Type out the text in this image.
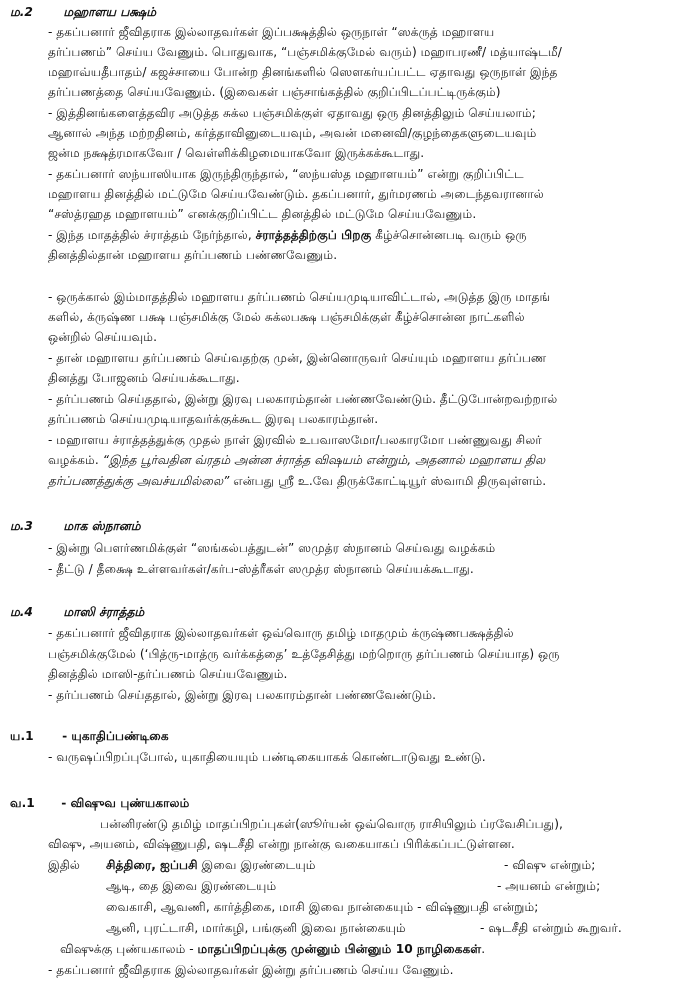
ம.2	மஹாளய பக்ஷம்
- தகப்பனார் ஜீவிதராக இல்லாதவர்கள் இப்பக்ஷத்தில் ஒருநாள் “ஸக்ருத் மஹாளய
தர்ப்பணம்” செய்ய வேணும். பொதுவாக, “பஞ்சமிக்குமேல் வரும்) மஹாபரணீ/ மத்யாஷ்டமீ/
மஹாவ்யதீபாதம்/ கஜச்சாயை போன்ற தினங்களில் ஸௌகர்யப்பட்ட ஏதாவது ஒருநாள் இந்த
தர்ப்பணத்தை செய்யவேணும். (இவைகள் பஞ்சாங்கத்தில் குறிப்பிடப்பட்டிருக்கும்)
- இத்தினங்களைத்தவிர அடுத்த சுக்ல பஞ்சமிக்குள் ஏதாவது ஒரு தினத்திலும் செய்யலாம்;
ஆனால் அந்த மற்றதினம், கர்த்தாவினுடையவும், அவன் மனைவி/குழந்தைகளுடையவும்
ஜன்ம நக்ஷத்ரமாகவோ / வெள்ளிக்கிழமையாகவோ இருக்கக்கூடாது.
- தகப்பனார் ஸந்யாஸியாக இருந்திருந்தால், “ஸந்யஸ்த மஹாளயம்” என்று குறிப்பிட்ட
மஹாளய தினத்தில் மட்டுமே செய்யவேண்டும். தகப்பனார், துர்மரணம் அடைந்தவரானால்
“சஸ்த்ரஹத மஹாளயம்” எனக்குறிப்பிட்ட தினத்தில் மட்டுமே செய்யவேணும்.
- இந்த மாதத்தில் ச்ராத்தம் நேர்ந்தால், ச்ராத்தத்திற்குப் பிறகு கீழ்ச்சொன்னபடி வரும் ஒரு
தினத்தில்தான் மஹாளய தர்ப்பணம் பண்ணவேணும்.
- ஒருக்கால் இம்மாதத்தில் மஹாளய தர்ப்பணம் செய்யமுடியாவிட்டால், அடுத்த இரு மாதங்
களில், க்ருஷ்ண பக்ஷ பஞ்சமிக்கு மேல் சுக்லபக்ஷ பஞ்சமிக்குள் கீழ்ச்சொன்ன நாட்களில்
ஒன்றில் செய்யவும்.
- தான் மஹாளய தர்ப்பணம் செய்வதற்கு முன், இன்னொருவர் செய்யும் மஹாளய தர்ப்பண
தினத்து போஜனம் செய்யக்கூடாது.
- தர்ப்பணம் செய்ததால், இன்று இரவு பலகாரம்தான் பண்ணவேண்டும். தீட்டுபோன்றவற்றால்
தர்ப்பணம் செய்யமுடியாதவர்க்குக்கூட இரவு பலகாரம்தான்.
- மஹாளய ச்ராத்தத்துக்கு முதல் நாள் இரவில் உபவாஸமோ/பலகாரமோ பண்ணுவது சிலர்
வழக்கம். “இந்த பூர்வதின வ்ரதம் அன்ன ச்ராத்த விஷயம் என்றும், அதனால் மஹாளய தில
தர்ப்பணத்துக்கு அவச்யமில்லை” என்பது ஸ்ரீ உ.வே திருக்கோட்டியூர் ஸ்வாமி திருவுள்ளம்.
ம.3	மாக ஸ்நானம்
- இன்று பௌர்ணமிக்குள் “ஸங்கல்பத்துடன்” ஸமுத்ர ஸ்நானம் செய்வது வழக்கம்
- தீட்டு / தீக்ஷை உள்ளவர்கள்/கர்ப-ஸ்த்ரீகள் ஸமுத்ர ஸ்நானம் செய்யக்கூடாது.
ம.4	மாஸி ச்ராத்தம்
- தகப்பனார் ஜீவிதராக இல்லாதவர்கள் ஒவ்வொரு தமிழ் மாதமும் க்ருஷ்ணபக்ஷத்தில்
பஞ்சமிக்குமேல் (‘பித்ரு-மாத்ரு வர்க்கத்தை’ உத்தேசித்து மற்றொரு தர்ப்பணம் செய்யாத) ஒரு
தினத்தில் மாஸி-தர்ப்பணம் செய்யவேணும்.
- தர்ப்பணம் செய்ததால், இன்று இரவு பலகாரம்தான் பண்ணவேண்டும்.
ய.1 - யுகாதிப்பண்டிகை
- வருஷப்பிறப்புபோல், யுகாதியையும் பண்டிகையாகக் கொண்டாடுவது உண்டு.
வ.1 - விஷுவ புண்யகாலம்
பன்னிரண்டு தமிழ் மாதப்பிறப்புகள்(ஸூர்யன் ஒவ்வொரு ராசியிலும் ப்ரவேசிப்பது),
விஷு, அயனம், விஷ்ணுபதி, ஷடசீதி என்று நான்கு வகையாகப் பிரிக்கப்பட்டுள்ளன.
இதில் சித்திரை, ஐப்பசி இவை இரண்டையும்	- விஷு என்றும்;
ஆடி, தை இவை இரண்டையும்	- அயனம் என்றும்;
வைகாசி, ஆவணி, கார்த்திகை, மாசி இவை நான்கையும் - விஷ்ணுபதி என்றும்;
ஆனி, புரட்டாசி, மார்கழி, பங்குனி இவை நான்கையும்	- ஷடசீதி என்றும் கூறுவர்.
விஷுக்கு புண்யகாலம் - மாதப்பிறப்புக்கு முன்னும் பின்னும் 10 நாழிகைகள்.
- தகப்பனார் ஜீவிதராக இல்லாதவர்கள் இன்று தர்ப்பணம் செய்ய வேணும்.
